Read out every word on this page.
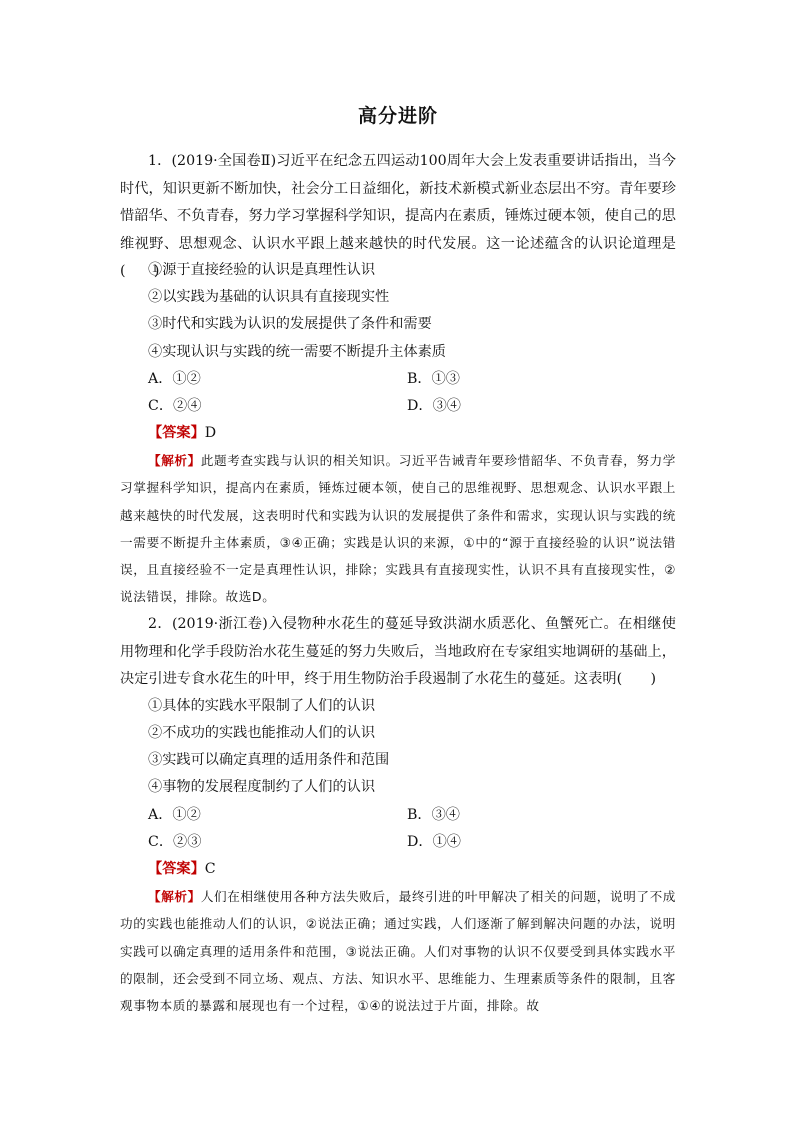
高分进阶
1．(2019·全国卷Ⅱ)习近平在纪念五四运动100周年大会上发表重要讲话指出，当今时代，知识更新不断加快，社会分工日益细化，新技术新模式新业态层出不穷。青年要珍惜韶华、不负青春，努力学习掌握科学知识，提高内在素质，锤炼过硬本领，使自己的思维视野、思想观念、认识水平跟上越来越快的时代发展。这一论述蕴含的认识论道理是(　　)
①源于直接经验的认识是真理性认识
②以实践为基础的认识具有直接现实性
③时代和实践为认识的发展提供了条件和需要
④实现认识与实践的统一需要不断提升主体素质
A．①②	B．①③
C．②④	D．③④
【答案】D
【解析】此题考查实践与认识的相关知识。习近平告诫青年要珍惜韶华、不负青春，努力学习掌握科学知识，提高内在素质，锤炼过硬本领，使自己的思维视野、思想观念、认识水平跟上越来越快的时代发展，这表明时代和实践为认识的发展提供了条件和需求，实现认识与实践的统一需要不断提升主体素质，③④正确；实践是认识的来源，①中的“源于直接经验的认识”说法错误，且直接经验不一定是真理性认识，排除；实践具有直接现实性，认识不具有直接现实性，②说法错误，排除。故选D。
2．(2019·浙江卷)入侵物种水花生的蔓延导致洪湖水质恶化、鱼蟹死亡。在相继使用物理和化学手段防治水花生蔓延的努力失败后，当地政府在专家组实地调研的基础上，决定引进专食水花生的叶甲，终于用生物防治手段遏制了水花生的蔓延。这表明(　　)
①具体的实践水平限制了人们的认识
②不成功的实践也能推动人们的认识
③实践可以确定真理的适用条件和范围
④事物的发展程度制约了人们的认识
A．①②	B．③④
C．②③	D．①④
【答案】C
【解析】人们在相继使用各种方法失败后，最终引进的叶甲解决了相关的问题，说明了不成功的实践也能推动人们的认识，②说法正确；通过实践，人们逐渐了解到解决问题的办法，说明实践可以确定真理的适用条件和范围，③说法正确。人们对事物的认识不仅要受到具体实践水平的限制，还会受到不同立场、观点、方法、知识水平、思维能力、生理素质等条件的限制，且客观事物本质的暴露和展现也有一个过程，①④的说法过于片面，排除。故
